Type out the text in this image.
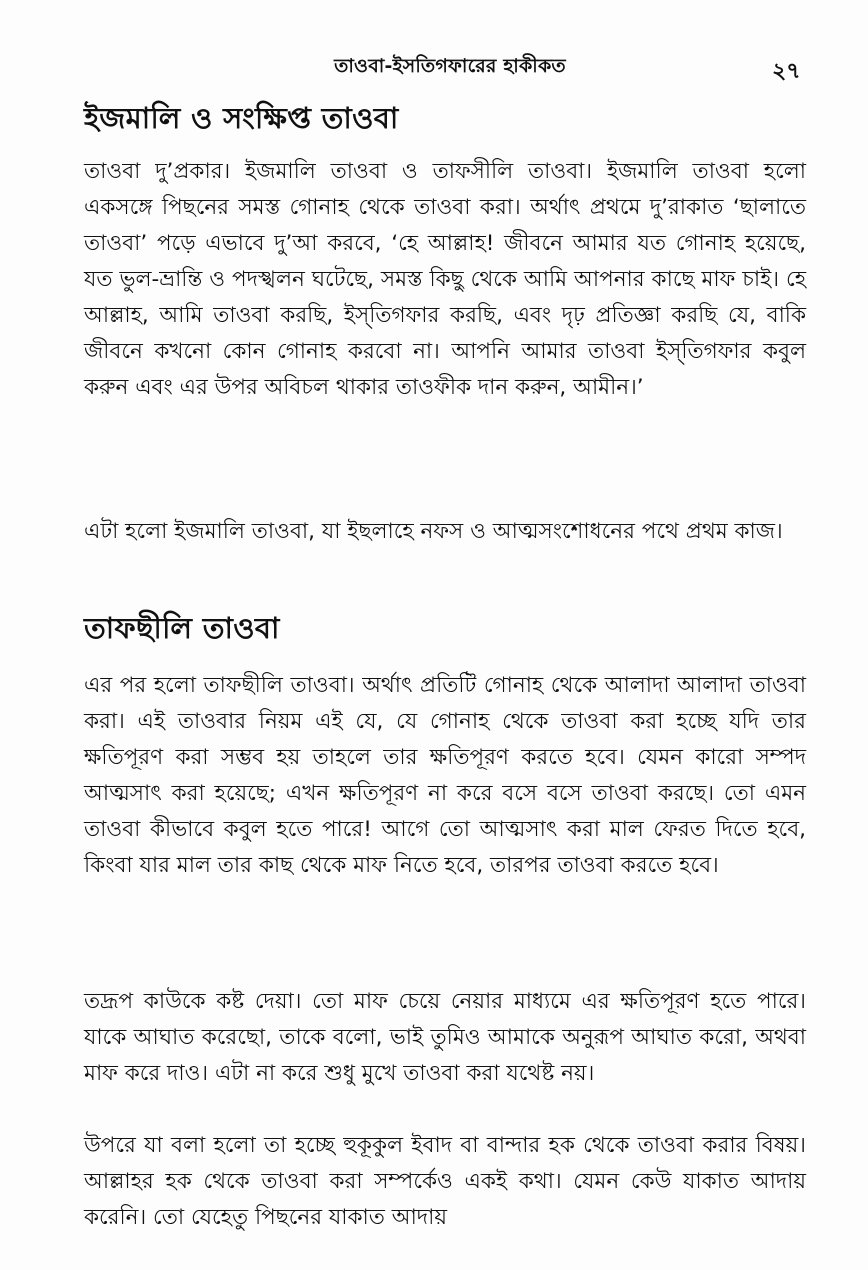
তাওবা-ইসতিগফারের হাকীকত	২৭
ইজমালি ও সংক্ষিপ্ত তাওবা

তাওবা দু’প্রকার। ইজমালি তাওবা ও তাফসীলি তাওবা। ইজমালি তাওবা হলো একসঙ্গে পিছনের সমস্ত গোনাহ থেকে তাওবা করা। অর্থাৎ প্রথমে দু’রাকাত ‘ছালাতে তাওবা’ পড়ে এভাবে দু’আ করবে, ‘হে আল্লাহ! জীবনে আমার যত গোনাহ হয়েছে, যত ভুল-ভ্রান্তি ও পদস্খলন ঘটেছে, সমস্ত কিছু থেকে আমি আপনার কাছে মাফ চাই। হে আল্লাহ, আমি তাওবা করছি, ইস্‌তিগফার করছি, এবং দৃঢ় প্রতিজ্ঞা করছি যে, বাকি জীবনে কখনো কোন গোনাহ করবো না। আপনি আমার তাওবা ইস্‌তিগফার কবুল করুন এবং এর উপর অবিচল থাকার তাওফীক দান করুন, আমীন।’

এটা হলো ইজমালি তাওবা, যা ইছলাহে নফস ও আত্মসংশোধনের পথে প্রথম কাজ।

তাফছীলি তাওবা

এর পর হলো তাফছীলি তাওবা। অর্থাৎ প্রতিটি গোনাহ থেকে আলাদা আলাদা তাওবা করা। এই তাওবার নিয়ম এই যে, যে গোনাহ থেকে তাওবা করা হচ্ছে যদি তার ক্ষতিপূরণ করা সম্ভব হয় তাহলে তার ক্ষতিপূরণ করতে হবে। যেমন কারো সম্পদ আত্মসাৎ করা হয়েছে; এখন ক্ষতিপূরণ না করে বসে বসে তাওবা করছে। তো এমন তাওবা কীভাবে কবুল হতে পারে! আগে তো আত্মসাৎ করা মাল ফেরত দিতে হবে, কিংবা যার মাল তার কাছ থেকে মাফ নিতে হবে, তারপর তাওবা করতে হবে।

তদ্রূপ কাউকে কষ্ট দেয়া। তো মাফ চেয়ে নেয়ার মাধ্যমে এর ক্ষতিপূরণ হতে পারে। যাকে আঘাত করেছো, তাকে বলো, ভাই তুমিও আমাকে অনুরূপ আঘাত করো, অথবা মাফ করে দাও। এটা না করে শুধু মুখে তাওবা করা যথেষ্ট নয়।

উপরে যা বলা হলো তা হচ্ছে হুকূকুল ইবাদ বা বান্দার হক থেকে তাওবা করার বিষয়। আল্লাহর হক থেকে তাওবা করা সম্পর্কেও একই কথা। যেমন কেউ যাকাত আদায় করেনি। তো যেহেতু পিছনের যাকাত আদায়
